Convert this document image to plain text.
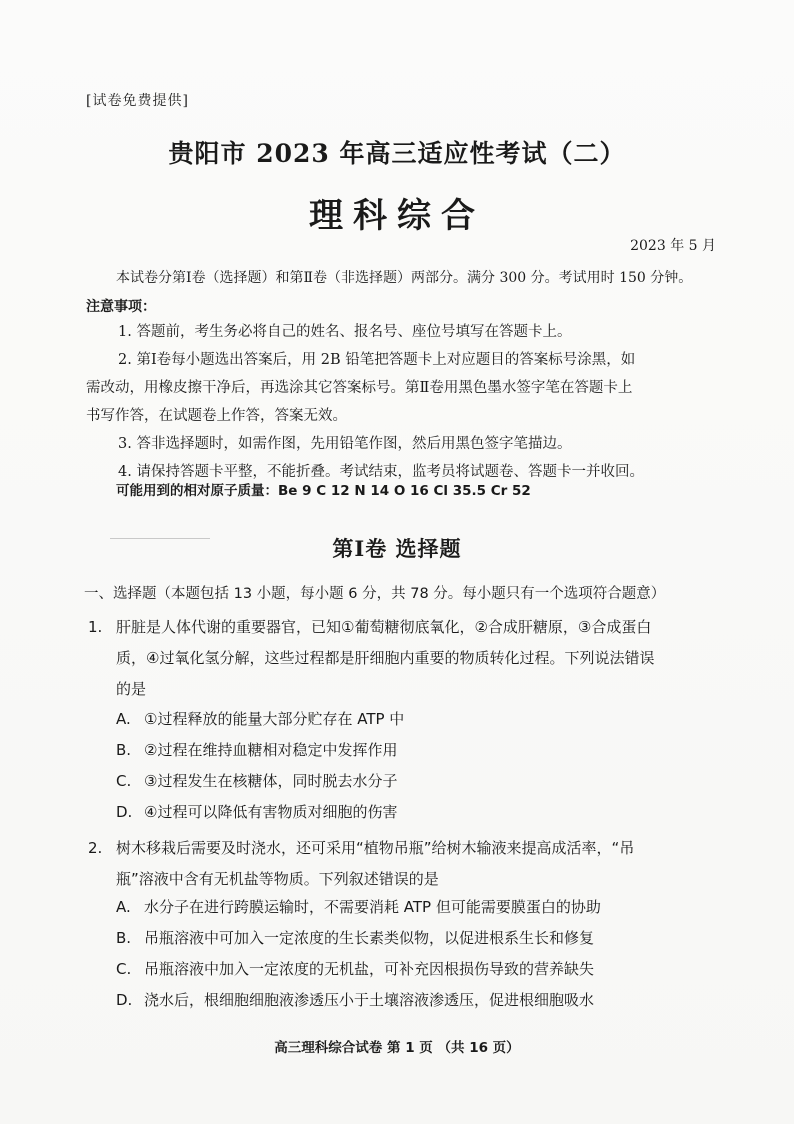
[试卷免费提供]
贵阳市 2023 年高三适应性考试（二）
理科综合
2023 年 5 月
本试卷分第Ⅰ卷（选择题）和第Ⅱ卷（非选择题）两部分。满分 300 分。考试用时 150 分钟。
注意事项：
1. 答题前，考生务必将自己的姓名、报名号、座位号填写在答题卡上。
2. 第Ⅰ卷每小题选出答案后，用 2B 铅笔把答题卡上对应题目的答案标号涂黑，如
需改动，用橡皮擦干净后，再选涂其它答案标号。第Ⅱ卷用黑色墨水签字笔在答题卡上
书写作答，在试题卷上作答，答案无效。
3. 答非选择题时，如需作图，先用铅笔作图，然后用黑色签字笔描边。
4. 请保持答题卡平整，不能折叠。考试结束，监考员将试题卷、答题卡一并收回。
可能用到的相对原子质量：Be 9 C 12 N 14 O 16 Cl 35.5 Cr 52
第Ⅰ卷 选择题
一、选择题（本题包括 13 小题，每小题 6 分，共 78 分。每小题只有一个选项符合题意）
1. 肝脏是人体代谢的重要器官，已知①葡萄糖彻底氧化，②合成肝糖原，③合成蛋白
质，④过氧化氢分解，这些过程都是肝细胞内重要的物质转化过程。下列说法错误
的是
A. ①过程释放的能量大部分贮存在 ATP 中
B. ②过程在维持血糖相对稳定中发挥作用
C. ③过程发生在核糖体，同时脱去水分子
D. ④过程可以降低有害物质对细胞的伤害
2. 树木移栽后需要及时浇水，还可采用“植物吊瓶”给树木输液来提高成活率，“吊
瓶”溶液中含有无机盐等物质。下列叙述错误的是
A. 水分子在进行跨膜运输时，不需要消耗 ATP 但可能需要膜蛋白的协助
B. 吊瓶溶液中可加入一定浓度的生长素类似物，以促进根系生长和修复
C. 吊瓶溶液中加入一定浓度的无机盐，可补充因根损伤导致的营养缺失
D. 浇水后，根细胞细胞液渗透压小于土壤溶液渗透压，促进根细胞吸水
高三理科综合试卷 第 1 页 （共 16 页）
